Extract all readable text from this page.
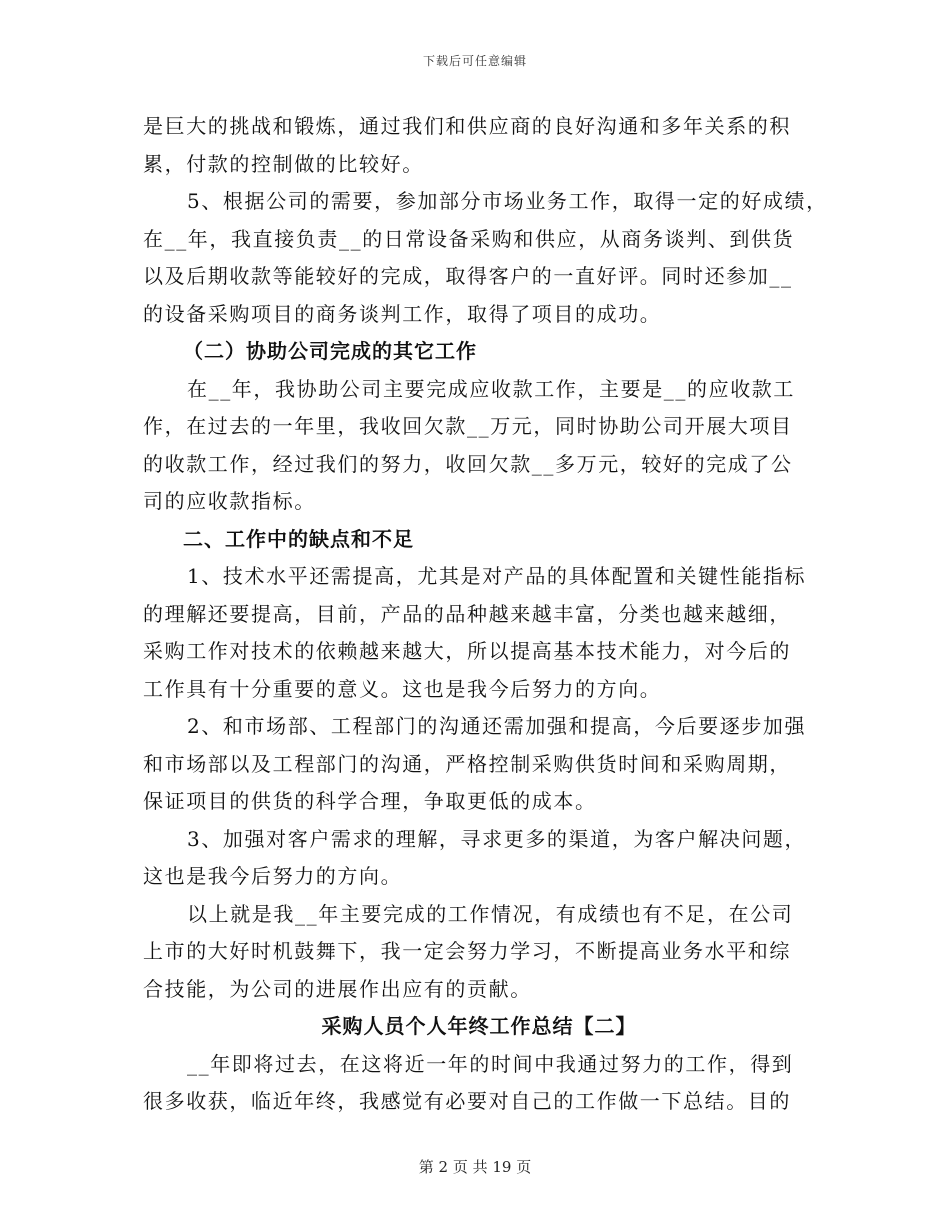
下载后可任意编辑
是巨大的挑战和锻炼，通过我们和供应商的良好沟通和多年关系的积
累，付款的控制做的比较好。
5、根据公司的需要，参加部分市场业务工作，取得一定的好成绩，
在__年，我直接负责__的日常设备采购和供应，从商务谈判、到供货
以及后期收款等能较好的完成，取得客户的一直好评。同时还参加__
的设备采购项目的商务谈判工作，取得了项目的成功。
（二）协助公司完成的其它工作
在__年，我协助公司主要完成应收款工作，主要是__的应收款工
作，在过去的一年里，我收回欠款__万元，同时协助公司开展大项目
的收款工作，经过我们的努力，收回欠款__多万元，较好的完成了公
司的应收款指标。
二、工作中的缺点和不足
1、技术水平还需提高，尤其是对产品的具体配置和关键性能指标
的理解还要提高，目前，产品的品种越来越丰富，分类也越来越细，
采购工作对技术的依赖越来越大，所以提高基本技术能力，对今后的
工作具有十分重要的意义。这也是我今后努力的方向。
2、和市场部、工程部门的沟通还需加强和提高，今后要逐步加强
和市场部以及工程部门的沟通，严格控制采购供货时间和采购周期，
保证项目的供货的科学合理，争取更低的成本。
3、加强对客户需求的理解，寻求更多的渠道，为客户解决问题，
这也是我今后努力的方向。
以上就是我__年主要完成的工作情况，有成绩也有不足，在公司
上市的大好时机鼓舞下，我一定会努力学习，不断提高业务水平和综
合技能，为公司的进展作出应有的贡献。
采购人员个人年终工作总结【二】
__年即将过去，在这将近一年的时间中我通过努力的工作，得到
很多收获，临近年终，我感觉有必要对自己的工作做一下总结。目的
第 2 页 共 19 页
